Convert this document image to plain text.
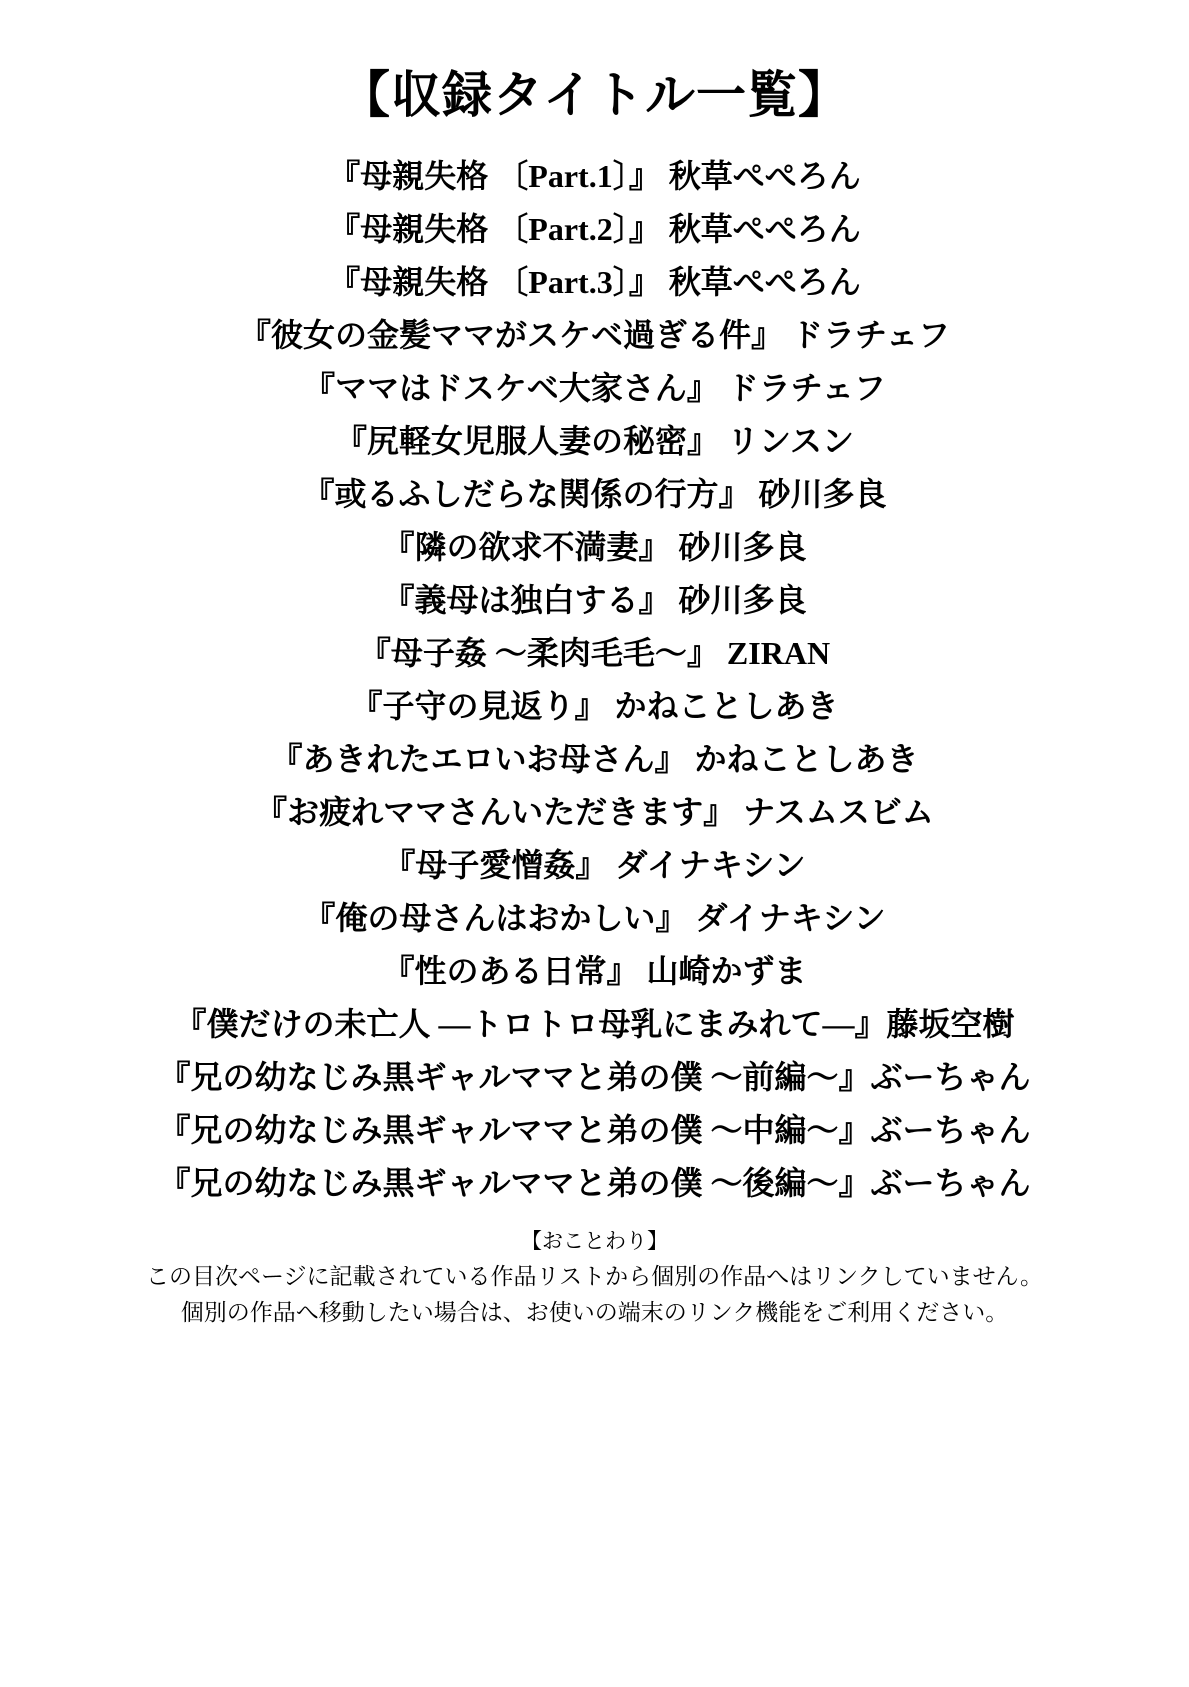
【収録タイトル一覧】
『母親失格 〔Part.1〕』 秋草ぺぺろん
『母親失格 〔Part.2〕』 秋草ぺぺろん
『母親失格 〔Part.3〕』 秋草ぺぺろん
『彼女の金髪ママがスケベ過ぎる件』 ドラチェフ
『ママはドスケベ大家さん』 ドラチェフ
『尻軽女児服人妻の秘密』 リンスン
『或るふしだらな関係の行方』 砂川多良
『隣の欲求不満妻』 砂川多良
『義母は独白する』 砂川多良
『母子姦 〜柔肉毛毛〜』 ZIRAN
『子守の見返り』 かねことしあき
『あきれたエロいお母さん』 かねことしあき
『お疲れママさんいただきます』 ナスムスビム
『母子愛憎姦』 ダイナキシン
『俺の母さんはおかしい』 ダイナキシン
『性のある日常』 山崎かずま
『僕だけの未亡人 ―トロトロ母乳にまみれて―』藤坂空樹
『兄の幼なじみ黒ギャルママと弟の僕 〜前編〜』ぶーちゃん
『兄の幼なじみ黒ギャルママと弟の僕 〜中編〜』ぶーちゃん
『兄の幼なじみ黒ギャルママと弟の僕 〜後編〜』ぶーちゃん
【おことわり】
この目次ページに記載されている作品リストから個別の作品へはリンクしていません。
個別の作品へ移動したい場合は、お使いの端末のリンク機能をご利用ください。
